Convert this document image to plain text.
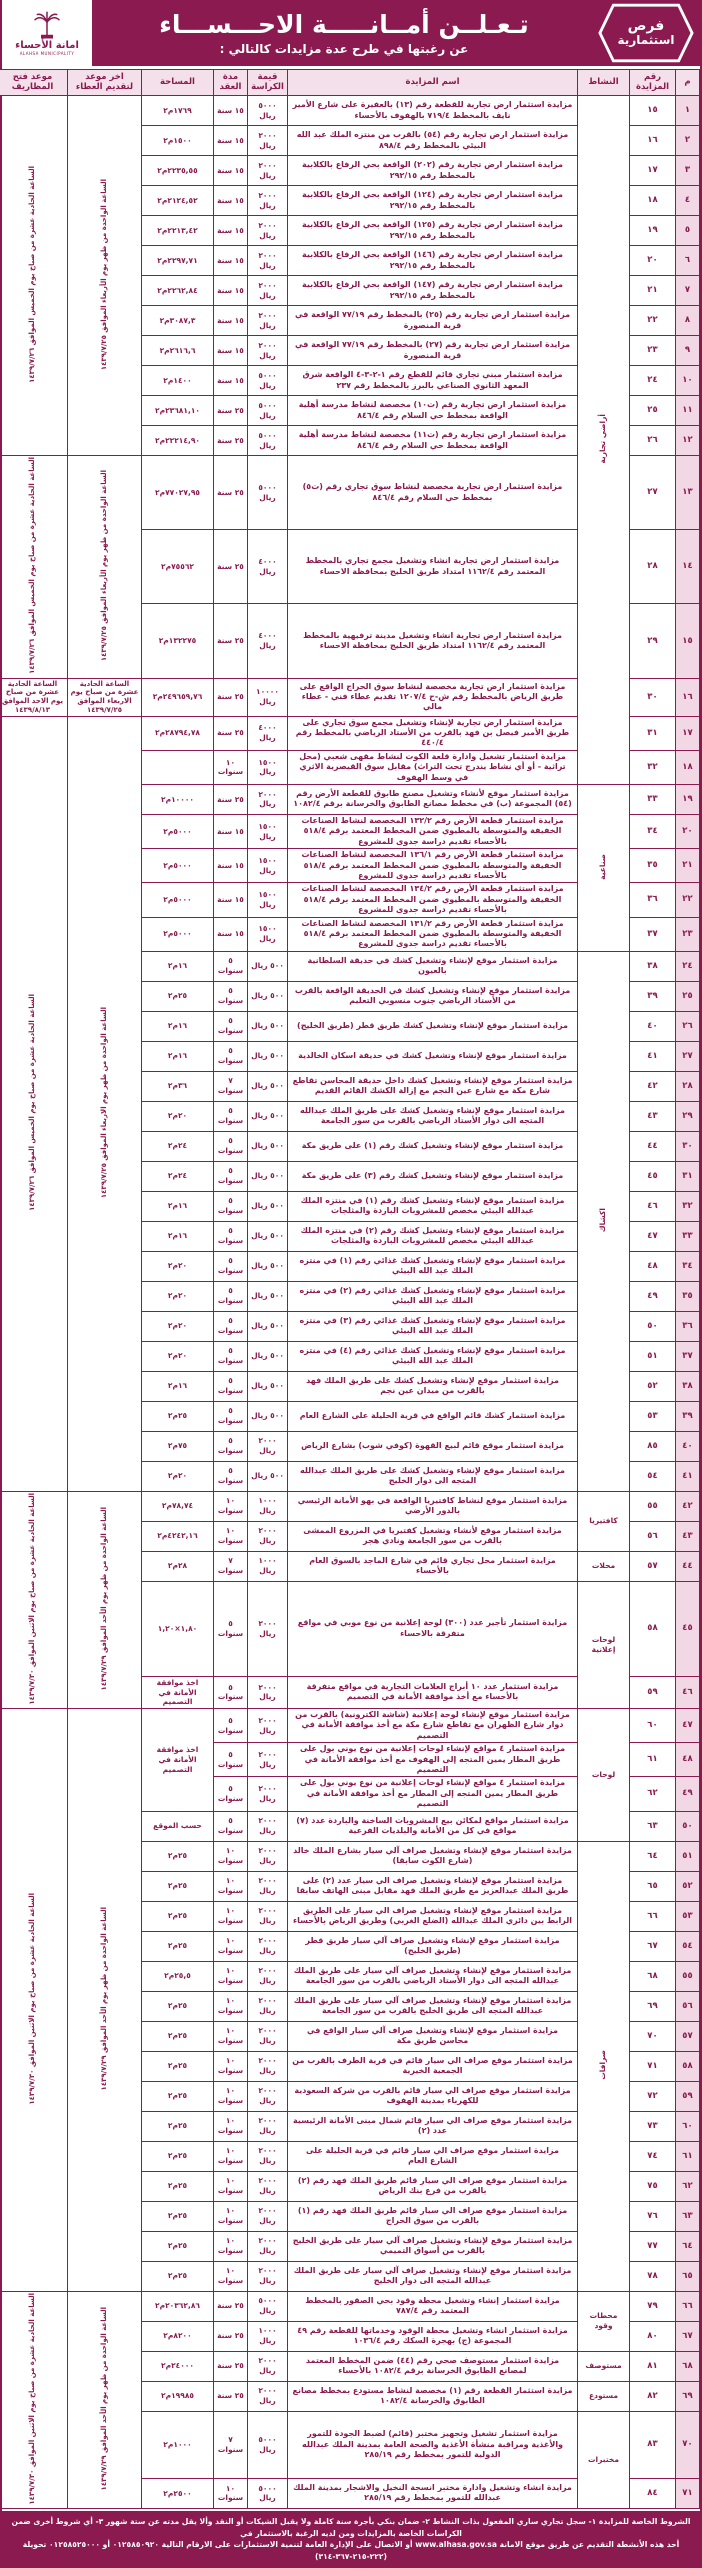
فرص
استثمارية
تـعـلــن أمــانـــــة الاحـــســـاء
عن رغبتها في طرح عدة مزايدات كالتالي :
امانة الأحساء
ALAHSA MUNICIPALITY
م	رقم المزايدة	النشاط	اسم المزايدة	قيمة الكراسة	مدة العقد	المساحة	اخر موعد لتقديم العطاء	موعد فتح المظاريف
١	١٥	أراضي تجارية	مزايدة استثمار ارض تجارية للقطعة رقم (١٣) بالعفيرة على شارع الأمير نايف بالمخطط ٧١٩/٤ بالهفوف بالأحساء	٥٠٠٠ ريال	١٥ سنة	١٧٦٩م٢	الساعة الواحدة من ظهر يوم الأربعاء الموافق ١٤٣٩/٧/٢٥	الساعة الحادية عشرة من صباح يوم الخميس الموافق ١٤٣٩/٧/٢٦
٢	١٦		مزايدة استثمار ارض تجارية رقم (٥٤) بالقرب من منتزه الملك عبد الله البيئي بالمخطط رقم ٨٩٨/٤	٢٠٠٠ ريال	١٥ سنة	١٥٠٠م٢		
٣	١٧		مزايدة استثمار ارض تجارية رقم (٢٠٢) الواقعة بحي الرفاع بالكلابية بالمخطط رقم ٢٩٢/١٥	٢٠٠٠ ريال	١٥ سنة	٢٢٣٥,٥٥م٢		
٤	١٨		مزايدة استثمار ارض تجارية رقم (١٢٤) الواقعة بحي الرفاع بالكلابية بالمخطط رقم ٢٩٢/١٥	٢٠٠٠ ريال	١٥ سنة	٢١٢٤,٥٢م٢		
٥	١٩		مزايدة استثمار ارض تجارية رقم (١٢٥) الواقعة بحي الرفاع بالكلابية بالمخطط رقم ٢٩٢/١٥	٢٠٠٠ ريال	١٥ سنة	٢٢١٣,٤٢م٢		
٦	٢٠		مزايدة استثمار ارض تجارية رقم (١٤٦) الواقعة بحي الرفاع بالكلابية بالمخطط رقم ٢٩٢/١٥	٢٠٠٠ ريال	١٥ سنة	٢٢٩٧,٧١م٢		
٧	٢١		مزايدة استثمار ارض تجارية رقم (١٤٧) الواقعة بحي الرفاع بالكلابية بالمخطط رقم ٢٩٢/١٥	٢٠٠٠ ريال	١٥ سنة	٢٢٦٢,٨٤م٢		
٨	٢٢		مزايدة استثمار ارض تجارية رقم (٢٥) بالمخطط رقم ٧٧/١٩ الواقعة في قرية المنصورة	٢٠٠٠ ريال	١٥ سنة	٣٠٨٧,٣م٢		
٩	٢٣		مزايدة استثمار ارض تجارية رقم (٢٧) بالمخطط رقم ٧٧/١٩ الواقعة في قرية المنصورة	٢٠٠٠ ريال	١٥ سنة	٢٦١٦,٦م٢		
١٠	٢٤		مزايدة استثمار مبني تجاري قائم للقطع رقم ١-٢-٣-٤ الواقعة شرق المعهد الثانوي الصناعي بالبرز بالمخطط رقم ٢٣٧	٥٠٠٠ ريال	١٥ سنة	١٤٠٠م٢		
١١	٢٥		مزايدة استثمار ارض تجارية رقم (ت١٠) مخصصة لنشاط مدرسة أهلية الواقعة بمخطط حي السلام رقم ٨٤٦/٤	٥٠٠٠ ريال	٢٥ سنة	٢٣٦٨١,١٠م٢		
١٢	٢٦		مزايدة استثمار ارض تجارية رقم (ت١١) مخصصة لنشاط مدرسة أهلية الواقعة بمخطط حي السلام رقم ٨٤٦/٤	٥٠٠٠ ريال	٢٥ سنة	٢٢٢١٤,٩٠م٢		
١٣	٢٧		مزايدة استثمار ارض تجارية مخصصة لنشاط سوق تجاري رقم (ت٥) بمخطط حي السلام رقم ٨٤٦/٤	٥٠٠٠ ريال	٢٥ سنة	٧٧٠٢٧,٩٥م٢	الساعة الواحدة من ظهر يوم الأربعاء الموافق ١٤٣٩/٧/٢٥	الساعة الحادية عشرة من صباح يوم الخميس الموافق ١٤٣٩/٧/٢٦
١٤	٢٨		مزايدة استثمار ارض تجارية انشاء وتشغيل مجمع تجاري بالمخطط المعتمد رقم ١١٦٢/٤ امتداد طريق الخليج بمحافظة الاحساء	٤٠٠٠ ريال	٢٥ سنة	٧٥٥٦٢م٢		
١٥	٢٩		مزايدة استثمار ارض تجارية انشاء وتشغيل مدينة ترفيهية بالمخطط المعتمد رقم ١١٦٢/٤ امتداد طريق الخليج بمحافظة الاحساء	٤٠٠٠ ريال	٢٥ سنة	١٣٢٢٧٥م٢		
١٦	٣٠		مزايدة استثمار ارض تجارية مخصصة لنشاط سوق الحراج الواقع على طريق الرياض بالمخطط رقم ش-ح ١٢٠٧/٤ تقديم عطاء فني - عطاء مالي	١٠٠٠٠ ريال	٢٥ سنة	٢٤٩٦٥٩,٧٦م٢	الساعة الحادية عشرة من صباح يوم الاربعاء الموافق ١٤٣٩/٧/٢٥	الساعة الحادية عشرة من صباح يوم الاحد الموافق ١٤٣٩/٨/١٣
١٧	٣١		مزايدة استثمار ارض تجارية لإنشاء وتشغيل مجمع سوق تجاري على طريق الأمير فيصل بن فهد بالقرب من الأستاد الرياضي بالمخطط رقم ٤٤٠/٤	٤٠٠٠ ريال	٢٥ سنة	٢٨٧٩٤,٧٨م٢	الساعة الواحدة من ظهر يوم الاربعاء الموافق ١٤٣٩/٧/٢٥	الساعة الحادية عشرة من صباح يوم الخميس الموافق ١٤٣٩/٧/٢٦
١٨	٣٢		مزايدة استثمار تشغيل وادارة قلعة الكوت لنشاط مقهى شعبي (محل تراثية - أو أي نشاط يندرج تحت التراث) مقابل سوق القيصرية الاثري في وسط الهفوف	١٥٠٠ ريال	١٠ سنوات			
١٩	٣٣	صناعية	مزايدة استثمار موقع لأنشاء وتشغيل مصنع طابوق للقطعة الأرض رقم (٥٤) المجموعة (ب) في مخطط مصانع الطابوق والخرسانة برقم ١٠٨٢/٤	٢٠٠٠ ريال	٢٥ سنة	١٠٠٠٠م٢		
٢٠	٣٤		مزايدة استثمار قطعة الأرض رقم ١٣٢/٢ المخصصة لنشاط الصناعات الخفيفة والمتوسطة بالمطيوي ضمن المخطط المعتمد برقم ٥١٨/٤ بالأحساء تقديم دراسة جدوى للمشروع	١٥٠٠ ريال	١٥ سنة	٥٠٠٠م٢		
٢١	٣٥		مزايدة استثمار قطعة الأرض رقم ١٣٦/١ المخصصة لنشاط الصناعات الخفيفة والمتوسطة بالمطيوي ضمن المخطط المعتمد برقم ٥١٨/٤ بالأحساء تقديم دراسة جدوى للمشروع	١٥٠٠ ريال	١٥ سنة	٥٠٠٠م٢		
٢٢	٣٦		مزايدة استثمار قطعة الأرض رقم ١٣٤/٢ المخصصة لنشاط الصناعات الخفيفة والمتوسطة بالمطيوي ضمن المخطط المعتمد برقم ٥١٨/٤ بالأحساء تقديم دراسة جدوى للمشروع	١٥٠٠ ريال	١٥ سنة	٥٠٠٠م٢		
٢٣	٣٧		مزايدة استثمار قطعة الأرض رقم ١٣١/٢ المخصصة لنشاط الصناعات الخفيفة والمتوسطة بالمطيوي ضمن المخطط المعتمد برقم ٥١٨/٤ بالأحساء تقديم دراسة جدوى للمشروع	١٥٠٠ ريال	١٥ سنة	٥٠٠٠م٢		
٢٤	٣٨	اكشاك	مزايدة استثمار موقع لإنشاء وتشغيل كشك في حديقة السلطانية بالعيون	٥٠٠ ريال	٥ سنوات	١٦م٢		
٢٥	٣٩		مزايدة استثمار موقع لإنشاء وتشغيل كشك في الحديقة الواقعة بالقرب من الأستاد الرياضي جنوب منسوبي التعليم	٥٠٠ ريال	٥ سنوات	٢٥م٢		
٢٦	٤٠		مزايدة استثمار موقع لإنشاء وتشغيل كشك طريق قطر (طريق الخليج)	٥٠٠ ريال	٥ سنوات	١٦م٢		
٢٧	٤١		مزايدة استثمار موقع لإنشاء وتشغيل كشك في حديقة اسكان الخالدية	٥٠٠ ريال	٥ سنوات	١٦م٢		
٢٨	٤٢		مزايدة استثمار موقع لإنشاء وتشغيل كشك داخل حديقة المحاسن تقاطع شارع مكة مع شارع عين النجم مع إزالة الكشك القائم القديم	٥٠٠ ريال	٧ سنوات	٣٦م٢		
٢٩	٤٣		مزايدة استثمار موقع لإنشاء وتشغيل كشك على طريق الملك عبدالله المتجه الى دوار الأستاد الرياضي بالقرب من سور الجامعة	٥٠٠ ريال	٥ سنوات	٢٠م٢		
٣٠	٤٤		مزايدة استثمار موقع لإنشاء وتشغيل كشك رقم (١) على طريق مكة	٥٠٠ ريال	٥ سنوات	٢٤م٢		
٣١	٤٥		مزايدة استثمار موقع لإنشاء وتشغيل كشك رقم (٣) على طريق مكة	٥٠٠ ريال	٥ سنوات	٢٤م٢		
٣٢	٤٦		مزايدة استثمار موقع لإنشاء وتشغيل كشك رقم (١) في منتزه الملك عبدالله البيئي مخصص للمشروبات الباردة والمثلجات	٥٠٠ ريال	٥ سنوات	١٦م٢		
٣٣	٤٧		مزايدة استثمار موقع لإنشاء وتشغيل كشك رقم (٢) في منتزه الملك عبدالله البيئي مخصص للمشروبات الباردة والمثلجات	٥٠٠ ريال	٥ سنوات	١٦م٢		
٣٤	٤٨		مزايدة استثمار موقع لإنشاء وتشغيل كشك غذائي رقم (١) في منتزه الملك عبد الله البيئي	٥٠٠ ريال	٥ سنوات	٢٠م٢		
٣٥	٤٩		مزايدة استثمار موقع لإنشاء وتشغيل كشك غذائي رقم (٢) في منتزه الملك عبد الله البيئي	٥٠٠ ريال	٥ سنوات	٢٠م٢		
٣٦	٥٠		مزايدة استثمار موقع لإنشاء وتشغيل كشك غذائي رقم (٣) في منتزه الملك عبد الله البيئي	٥٠٠ ريال	٥ سنوات	٢٠م٢		
٣٧	٥١		مزايدة استثمار موقع لإنشاء وتشغيل كشك غذائي رقم (٤) في منتزه الملك عبد الله البيئي	٥٠٠ ريال	٥ سنوات	٢٠م٢		
٣٨	٥٢		مزايدة استثمار موقع لإنشاء وتشغيل كشك على طريق الملك فهد بالقرب من ميدان عين نجم	٥٠٠ ريال	٥ سنوات	١٦م٢		
٣٩	٥٣		مزايدة استثمار كشك قائم الواقع في قرية الحليلة على الشارع العام	٥٠٠ ريال	٥ سنوات	٢٥م٢		
٤٠	٨٥		مزايدة استثمار موقع قائم لبيع القهوة (كوفي شوب) بشارع الرياض	٢٠٠٠ ريال	٥ سنوات	٧٥م٢		
٤١	٥٤		مزايدة استثمار موقع لإنشاء وتشغيل كشك على طريق الملك عبدالله المتجه الى دوار الخليج	٥٠٠ ريال	٥ سنوات	٢٠م٢		
٤٢	٥٥	كافتيريا	مزايدة استثمار موقع لنشاط كافتيريا الواقعة في بهو الأمانة الرئيسي بالدور الأرضي	١٠٠٠ ريال	١٠ سنوات	٧٨,٧٤م٢	الساعة الواحدة من ظهر يوم الأحد الموافق ١٤٣٩/٧/٢٩	الساعة الحادية عشرة من صباح يوم الاثنين الموافق ١٤٣٩/٧/٣٠
٤٣	٥٦		مزايدة استثمار موقع لأنشاء وتشغيل كفتيريا في المزروع الممشى بالقرب من سور الجامعة ونادي هجر	٢٠٠٠ ريال	١٠ سنوات	٤٢٤٢,١٦م٢		
٤٤	٥٧	محلات	مزايدة استثمار محل تجاري قائم في شارع الماجد بالسوق العام بالأحساء	١٠٠٠ ريال	٧ سنوات	٢٨م٢		
٤٥	٥٨	لوحات إعلانية	مزايدة استثمار تأجير عدد (٣٠٠) لوحة إعلانية من نوع موبي في مواقع متفرقة بالاحساء	٢٠٠٠ ريال	٥ سنوات	١,٨٠×١,٢٠		
٤٦	٥٩		مزايدة استثمار عدد ١٠ أبراج العلامات التجارية في مواقع متفرقة بالأحساء مع أخذ موافقة الأمانة في التصميم	٢٠٠٠ ريال	٥ سنوات	اخذ موافقة الأمانة في التصميم		
٤٧	٦٠	لوحات	مزايدة استثمار موقع لإنشاء لوحة إعلانية (شاشة الكترونية) بالقرب من دوار شارع الظهران مع تقاطع شارع مكة مع أخذ موافقة الأمانة في التصميم	٢٠٠٠ ريال	٥ سنوات	اخذ موافقة الأمانة في التصميم	الساعة الواحدة من ظهر يوم الأحد الموافق ١٤٣٩/٧/٢٩	الساعة الحادية عشرة من صباح يوم الاثنين الموافق ١٤٣٩/٧/٣٠
٤٨	٦١		مزايدة استثمار ٤ مواقع لإنشاء لوحات إعلانية من نوع يوني بول على طريق المطار يمين المتجه إلى الهفوف مع أخذ موافقة الأمانة في التصميم	٢٠٠٠ ريال	٥ سنوات			
٤٩	٦٢		مزايدة استثمار ٤ مواقع لإنشاء لوحات إعلانية من نوع يوني بول على طريق المطار يمين المتجه إلى المطار مع أخذ موافقة الأمانة في التصميم	٢٠٠٠ ريال	٥ سنوات			
٥٠	٦٣		مزايدة استثمار مواقع لمكائن بيع المشروبات الساخنة والباردة عدد (٧) مواقع في كل من الأمانة والبلديات الفرعية	٢٠٠٠ ريال	٥ سنوات	حسب الموقع		
٥١	٦٤	صرافات	مزايدة استثمار موقع لإنشاء وتشغيل صراف آلي سيار بشارع الملك خالد (شارع الكوت سابقا)	٢٠٠٠ ريال	١٠ سنوات	٢٥م٢		
٥٢	٦٥		مزايدة استثمار موقع لإنشاء وتشغيل صراف الي سيار عدد (٢) على طريق الملك عبدالعزيز مع طريق الملك فهد مقابل مبنى الهاتف سابقا	٢٠٠٠ ريال	١٠ سنوات	٢٥م٢		
٥٣	٦٦		مزايدة استثمار موقع لإنشاء وتشغيل صراف الي سيار على الطريق الرابط بين دائري الملك عبدالله (الضلع الغربي) وطريق الرياض بالأحساء	٢٠٠٠ ريال	١٠ سنوات	٢٥م٢		
٥٤	٦٧		مزايدة استثمار موقع لإنشاء وتشغيل صراف آلي سيار طريق قطر (طريق الخليج)	٢٠٠٠ ريال	١٠ سنوات	٢٥م٢		
٥٥	٦٨		مزايدة استثمار موقع لإنشاء وتشغيل صراف آلي سيار على طريق الملك عبدالله المتجه الى دوار الأستاد الرياضي بالقرب من سور الجامعة	٢٠٠٠ ريال	١٠ سنوات	٢٥,٥م٢		
٥٦	٦٩		مزايدة استثمار موقع لإنشاء وتشغيل صراف آلي سيار على طريق الملك عبدالله المتجه الى طريق الخليج بالقرب من سور الجامعة	٢٠٠٠ ريال	١٠ سنوات	٢٥م٢		
٥٧	٧٠		مزايدة استثمار موقع لإنشاء وتشغيل صراف آلي سيار الواقع في محاسن طريق مكة	٢٠٠٠ ريال	١٠ سنوات	٢٥م٢		
٥٨	٧١		مزايدة استثمار موقع صراف الي سيار قائم في قرية الطرف بالقرب من الجمعية الخيرية	٢٠٠٠ ريال	١٠ سنوات	٢٥م٢		
٥٩	٧٢		مزايدة استثمار موقع صراف الي سيار قائم بالقرب من شركة السعودية للكهرباء بمدينة الهفوف	٢٠٠٠ ريال	١٠ سنوات	٢٥م٢		
٦٠	٧٣		مزايدة استثمار موقع صراف الي سيار قائم شمال مبنى الأمانة الرئيسية عدد (٢)	٢٠٠٠ ريال	١٠ سنوات	٢٥م٢		
٦١	٧٤		مزايدة استثمار موقع صراف الي سيار قائم في قرية الحليلة على الشارع العام	٢٠٠٠ ريال	١٠ سنوات	٢٥م٢		
٦٢	٧٥		مزايدة استثمار موقع صراف الي سيار قائم طريق الملك فهد رقم (٢) بالقرب من فرع بنك الرياض	٢٠٠٠ ريال	١٠ سنوات	٢٥م٢		
٦٣	٧٦		مزايدة استثمار موقع صراف الي سيار قائم طريق الملك فهد رقم (١) بالقرب من سوق الحراج	٢٠٠٠ ريال	١٠ سنوات	٢٥م٢		
٦٤	٧٧		مزايدة استثمار موقع لإنشاء وتشغيل صراف آلي سيار على طريق الخليج بالقرب من أسواق التميمي	٢٠٠٠ ريال	١٠ سنوات	٢٥م٢		
٦٥	٧٨		مزايدة استثمار موقع لإنشاء وتشغيل صراف آلي سيار على طريق الملك عبدالله المتجه الى دوار الخليج	٢٠٠٠ ريال	١٠ سنوات	٢٥م٢		
٦٦	٧٩	محطات وقود	مزايدة استثمار إنشاء وتشغيل محطة وقود بحي الصقور بالمخطط المعتمد رقم ٧٨٧/٤	٥٠٠٠ ريال	٢٥ سنة	٢٠٣٦٢,٨٦م٢	الساعة الواحدة من ظهر يوم الأحد الموافق ١٤٣٩/٧/٢٩	الساعة الحادية عشرة من صباح يوم الاثنين الموافق ١٤٣٩/٧/٣٠
٦٧	٨٠		مزايدة استثمار انشاء وتشغيل محطة الوقود وخدماتها للقطعة رقم ٤٩ المجموعة (ج) بهجرة السكك رقم ١٠٣٦/٤	١٠٠٠ ريال	٢٥ سنة	٨٢٠٠م٢		
٦٨	٨١	مستوصف	مزايدة استثمار مستوصف صحي رقم (٤٤) ضمن المخطط المعتمد لمصانع الطابوق الخرسانة برقم ١٠٨٢/٤ بالأحساء	٢٠٠٠ ريال	٢٥ سنة	٢٤٠٠٠م٢		
٦٩	٨٢	مستودع	مزايدة استثمار القطعة رقم (١) مخصصة لنشاط مستودع بمخطط مصانع الطابوق والخرسانة ١٠٨٢/٤	٢٠٠٠ ريال	٢٥ سنة	١٩٩٨٥م٢		
٧٠	٨٣	مختبرات	مزايدة استثمار تشغيل وتجهيز مختبر (قائم) لضبط الجودة للتمور والأغذية ومراقبة منشأة الأغذية والصحة العامة بمدينة الملك عبدالله الدولية للتمور بمخطط رقم ٢٨٥/١٩	٥٠٠٠ ريال	٧ سنوات	١٠٠٠م٢		
٧١	٨٤		مزايدة انشاء وتشغيل وادارة مختبر انسجة النخيل والاشجار بمدينة الملك عبدالله للتمور بمخطط رقم ٢٨٥/١٩	٥٠٠٠ ريال	١٠ سنوات	٢٥٠٠م٢		
الشروط الخاصة للمزايدة ١- سجل تجاري ساري المفعول بذات النشاط ٢- ضمان بنكي بأجرة سنة كاملة ولا يقبل الشيكات أو النقد وألا يقل مدته عن ستة شهور ٣- أي شروط أخرى ضمن الكراسات الخاصة بالمزايدات ومن لديه الرغبة بالاستثمار في
أحد هذه الأنشطة التقديم عن طريق موقع الامانة www.alhasa.gov.sa أو الاتصال على الإدارة العامة لتنمية الاستثمارات على الارقام التالية ٠١٢٥٨٥٠٩٢٠ أو ٠١٢٥٨٥٢٥٠٠٠ تحويلة (٢٢٢-٢١٥-٣٦٧-٣١٤)
